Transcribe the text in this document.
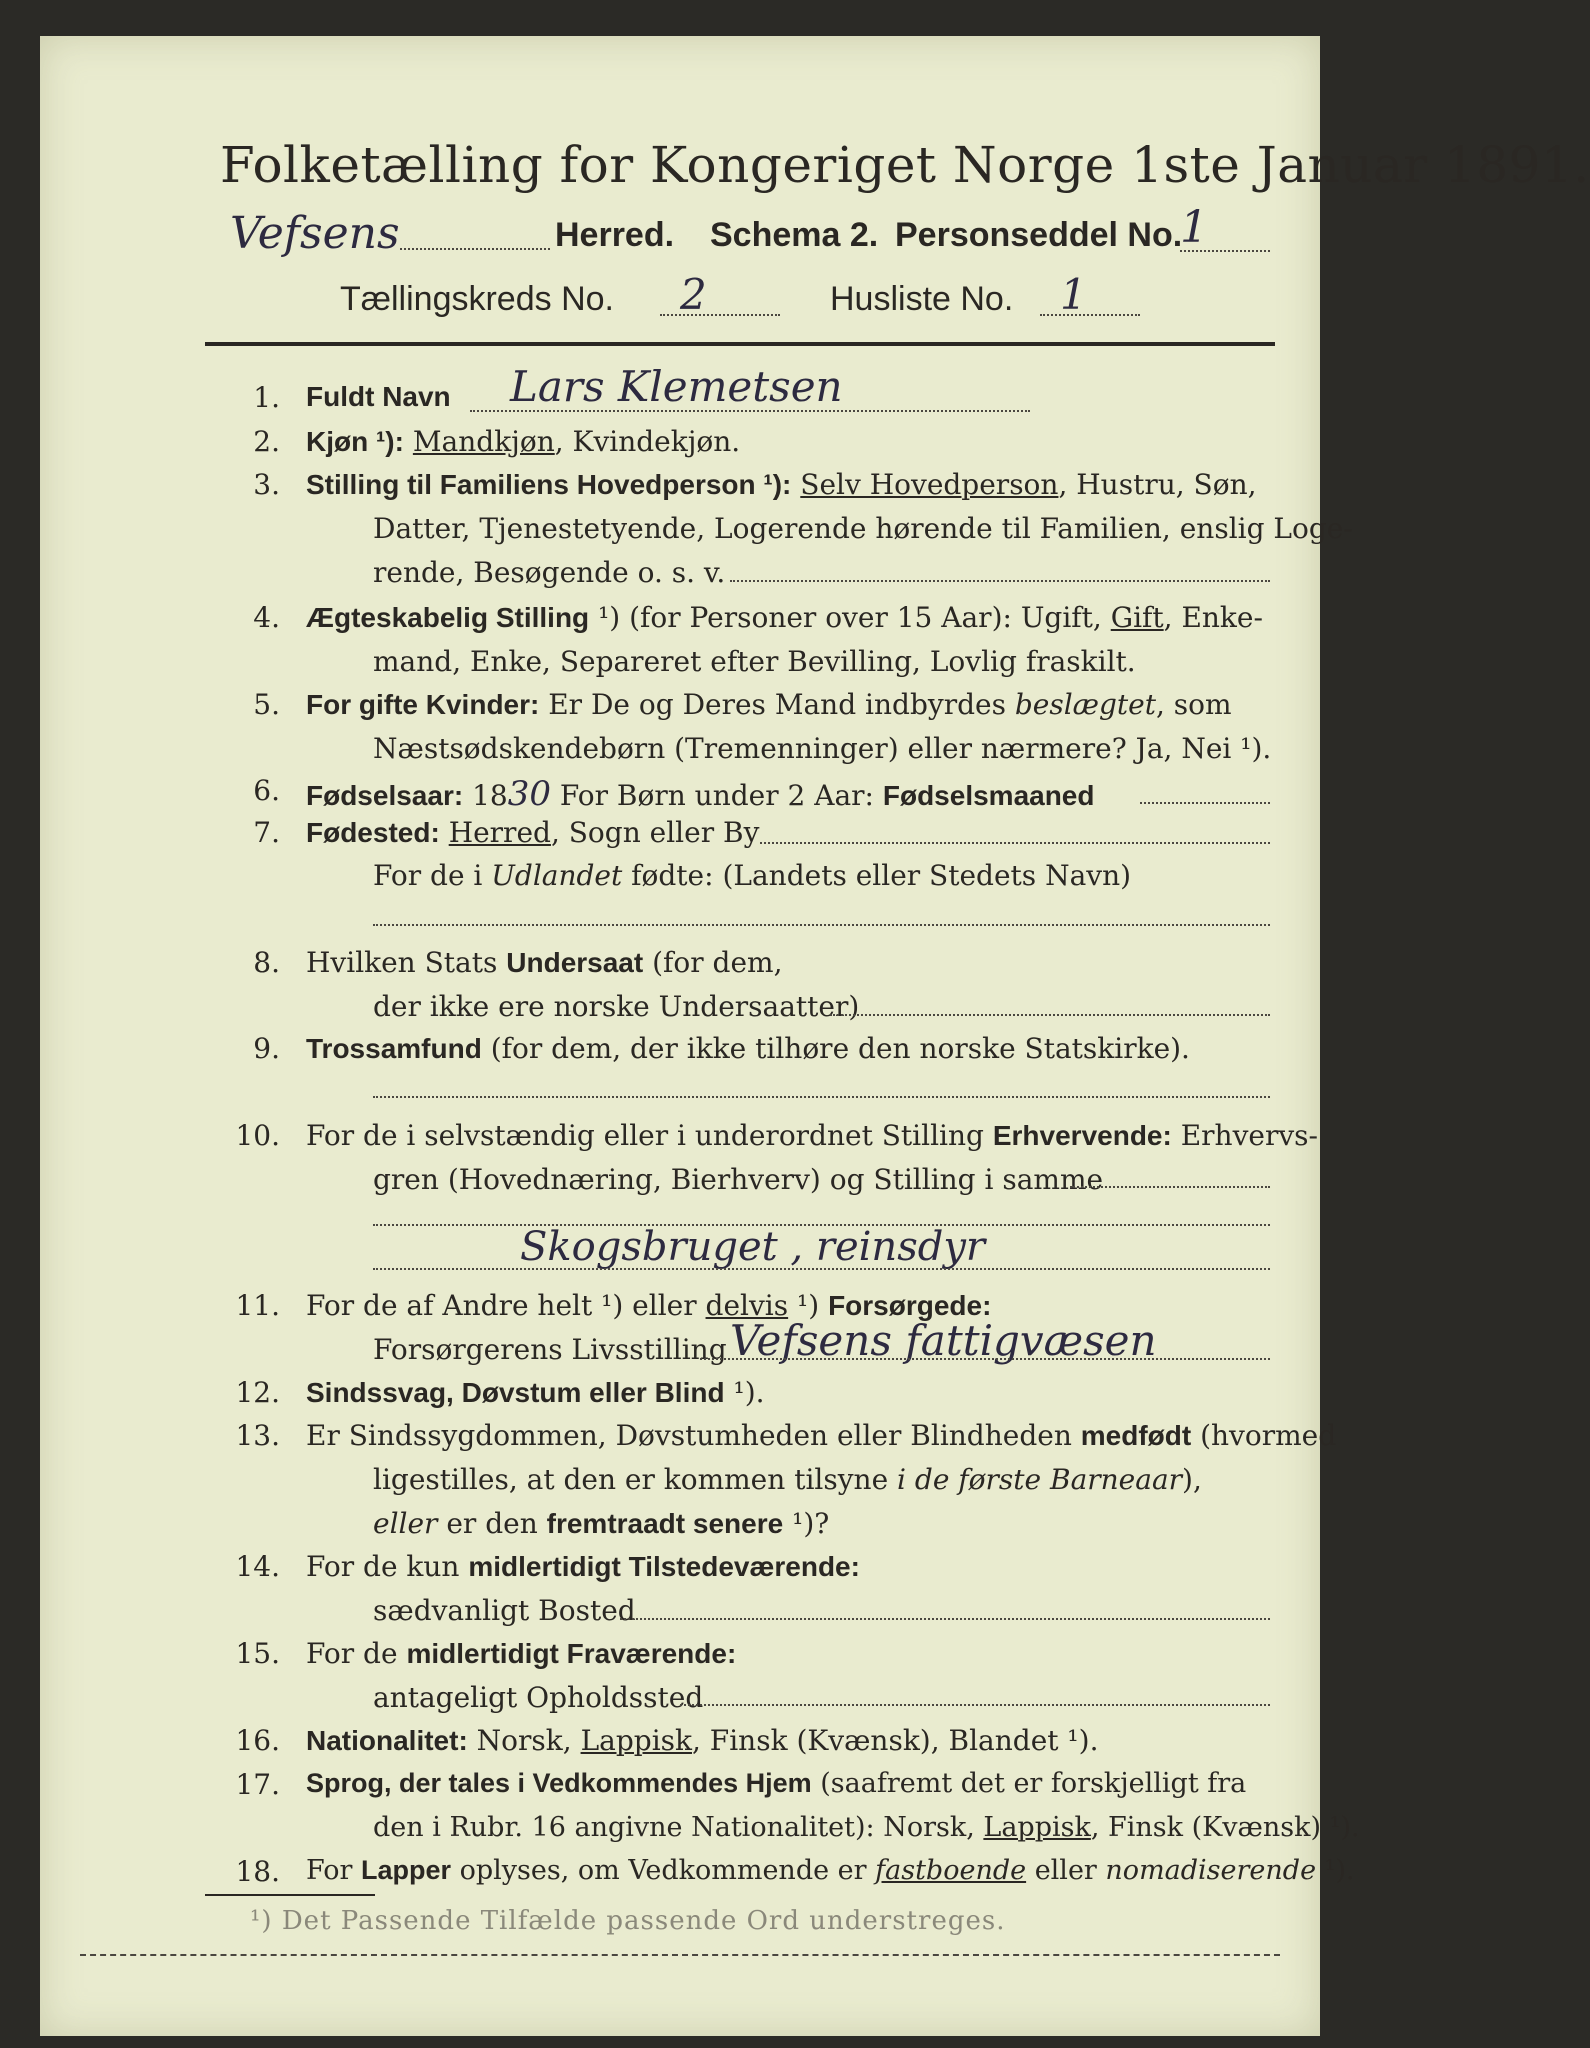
Folketælling for Kongeriget Norge 1ste Januar 1891.
Vefsens	Herred. Schema 2. Personseddel No.
1
Tællingskreds No. 2	Husliste No. 1
1. Fuldt Navn Lars Klemetsen
2. Kjøn ¹): Mandkjøn, Kvindekjøn.
3. Stilling til Familiens Hovedperson ¹): Selv Hovedperson, Hustru, Søn,
Datter, Tjenestetyende, Logerende hørende til Familien, enslig Loge-
rende, Besøgende o. s. v.
4. Ægteskabelig Stilling ¹) (for Personer over 15 Aar): Ugift, Gift, Enke-
mand, Enke, Separeret efter Bevilling, Lovlig fraskilt.
5. For gifte Kvinder: Er De og Deres Mand indbyrdes beslægtet, som
Næstsødskendebørn (Tremenninger) eller nærmere? Ja, Nei ¹).
6. Fødselsaar: 1830 For Børn under 2 Aar: Fødselsmaaned
7. Fødested: Herred, Sogn eller By
For de i Udlandet fødte: (Landets eller Stedets Navn)
8. Hvilken Stats Undersaat (for dem,
der ikke ere norske Undersaatter)
9. Trossamfund (for dem, der ikke tilhøre den norske Statskirke).
10. For de i selvstændig eller i underordnet Stilling Erhvervende: Erhvervs-
gren (Hovednæring, Bierhverv) og Stilling i samme
Skogsbruget , reinsdyr
11. For de af Andre helt ¹) eller delvis ¹) Forsørgede:
Forsørgerens Livsstilling Vefsens fattigvæsen
12. Sindssvag, Døvstum eller Blind ¹).
13. Er Sindssygdommen, Døvstumheden eller Blindheden medfødt (hvormed
ligestilles, at den er kommen tilsyne i de første Barneaar),
eller er den fremtraadt senere ¹)?
14. For de kun midlertidigt Tilstedeværende:
sædvanligt Bosted
15. For de midlertidigt Fraværende:
antageligt Opholdssted
16. Nationalitet: Norsk, Lappisk, Finsk (Kvænsk), Blandet ¹).
17. Sprog, der tales i Vedkommendes Hjem (saafremt det er forskjelligt fra
den i Rubr. 16 angivne Nationalitet): Norsk, Lappisk, Finsk (Kvænsk) ¹).
18. For Lapper oplyses, om Vedkommende er fastboende eller nomadiserende ¹).
¹) Det Passende Tilfælde passende Ord understreges.
